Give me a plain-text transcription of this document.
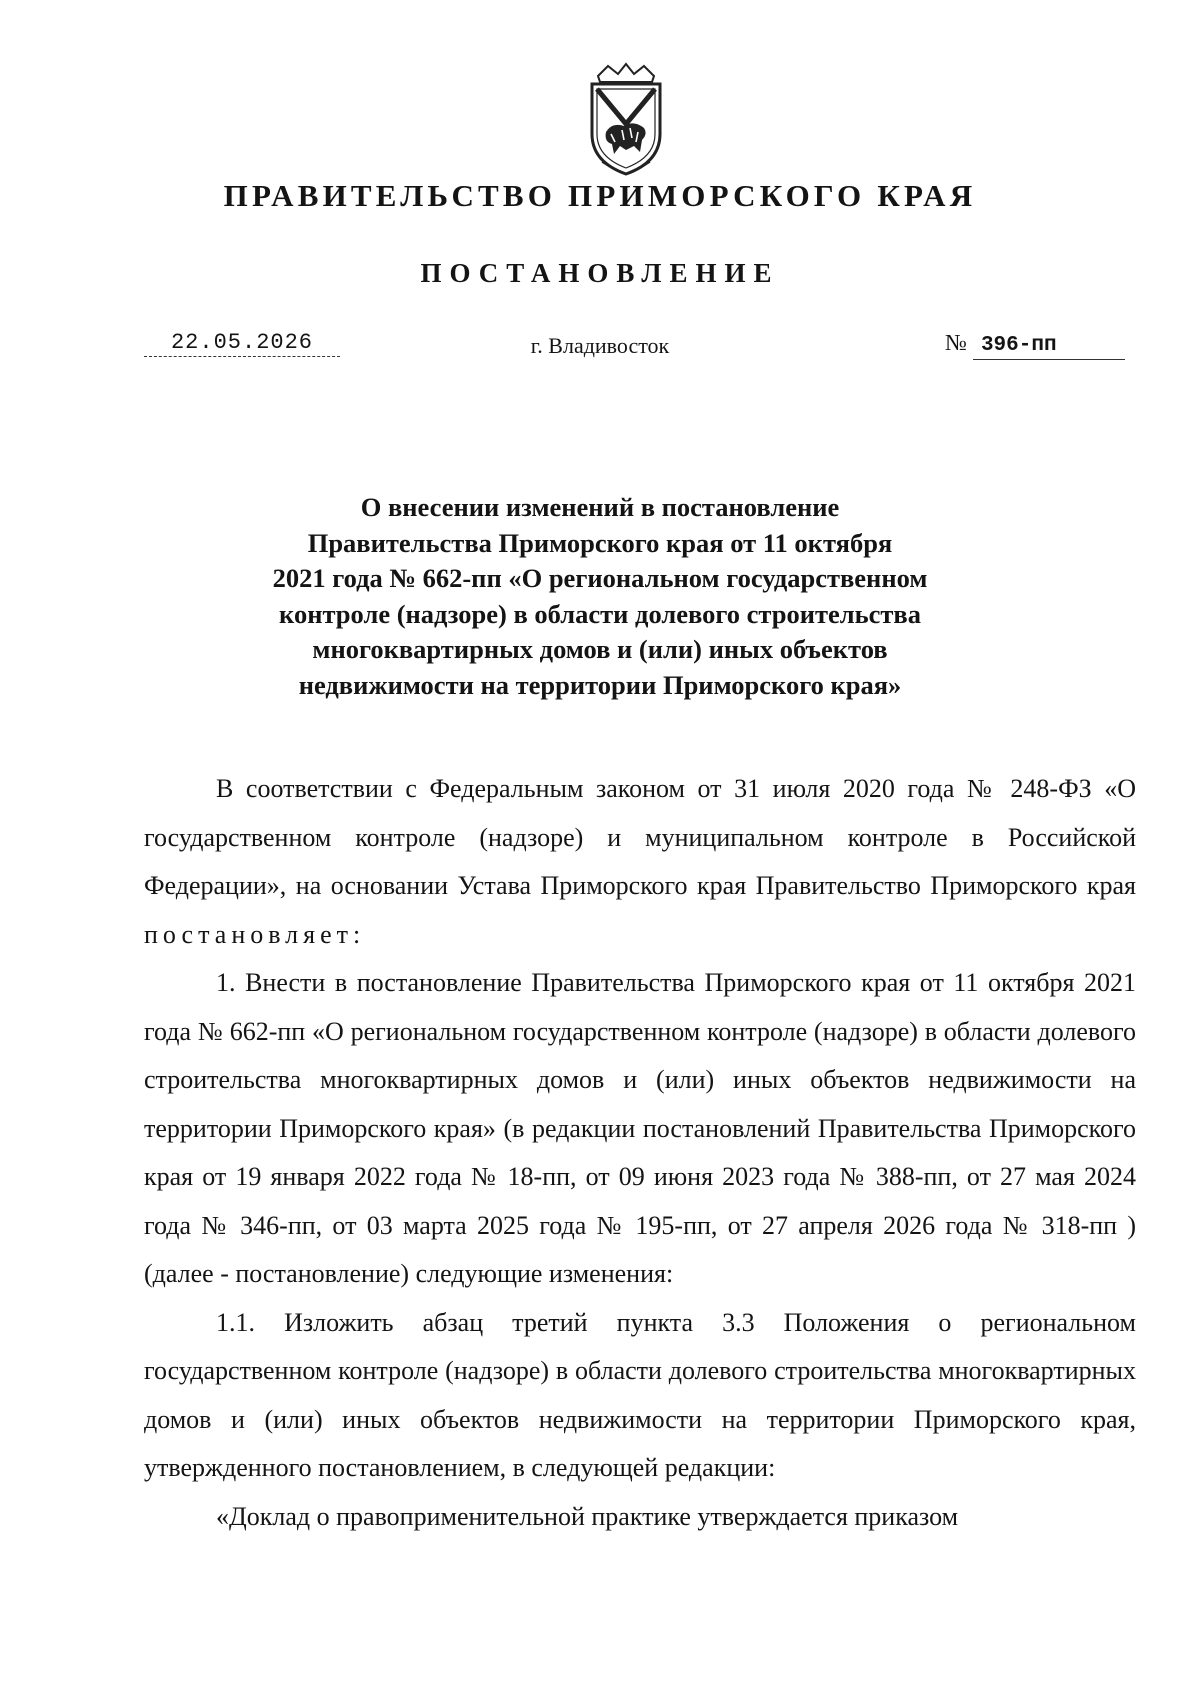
ПРАВИТЕЛЬСТВО ПРИМОРСКОГО КРАЯ
ПОСТАНОВЛЕНИЕ
22.05.2026	г. Владивосток	№ 396-пп
О внесении изменений в постановление
Правительства Приморского края от 11 октября
2021 года № 662-пп «О региональном государственном
контроле (надзоре) в области долевого строительства
многоквартирных домов и (или) иных объектов
недвижимости на территории Приморского края»

В соответствии с Федеральным законом от 31 июля 2020 года № 248-ФЗ «О государственном контроле (надзоре) и муниципальном контроле в Российской Федерации», на основании Устава Приморского края Правительство Приморского края постановляет:

1. Внести в постановление Правительства Приморского края от 11 октября 2021 года № 662-пп «О региональном государственном контроле (надзоре) в области долевого строительства многоквартирных домов и (или) иных объектов недвижимости на территории Приморского края» (в редакции постановлений Правительства Приморского края от 19 января 2022 года № 18-пп, от 09 июня 2023 года № 388-пп, от 27 мая 2024 года № 346-пп, от 03 марта 2025 года № 195-пп, от 27 апреля 2026 года № 318-пп ) (далее - постановление) следующие изменения:

1.1. Изложить абзац третий пункта 3.3 Положения о региональном государственном контроле (надзоре) в области долевого строительства многоквартирных домов и (или) иных объектов недвижимости на территории Приморского края, утвержденного постановлением, в следующей редакции:

«Доклад о правоприменительной практике утверждается приказом
